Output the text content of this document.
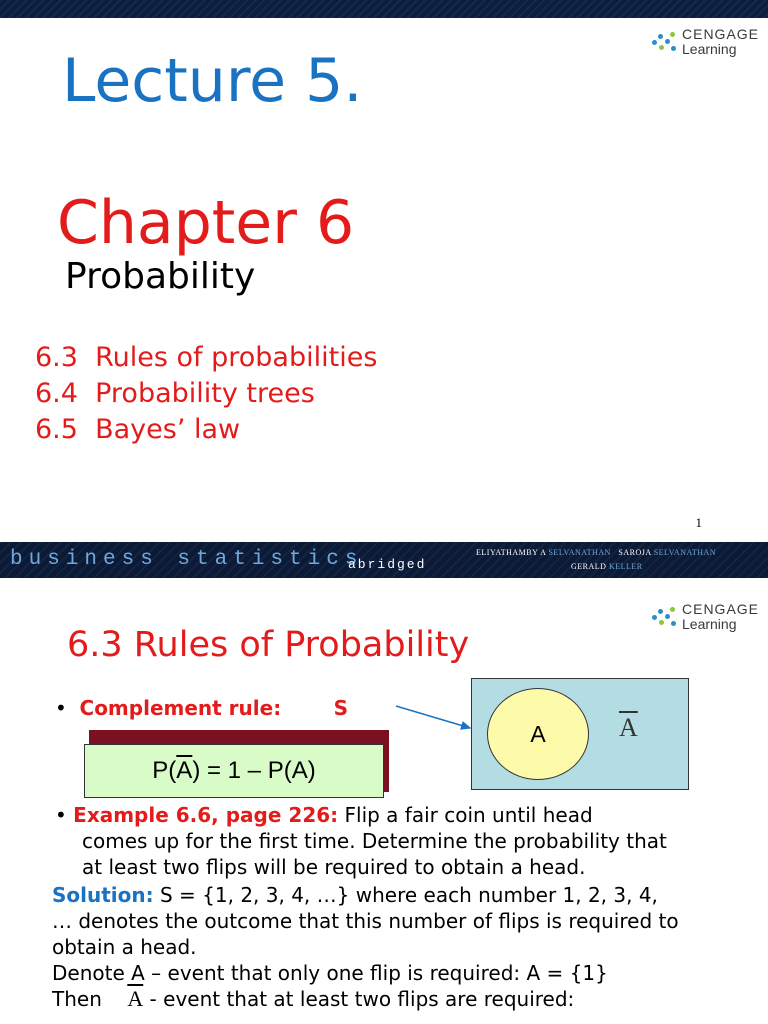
CENGAGE
Learning
Lecture 5.
Chapter 6
Probability
6.3  Rules of probabilities
6.4  Probability trees
6.5  Bayes’ law
1
business statistics
abridged
ELIYATHAMBY A SELVANATHAN SAROJA SELVANATHAN
GERALD KELLER
CENGAGE
Learning
6.3 Rules of Probability
• Complement rule:	S
P( $\overline{A}$ ) = 1 – P(A)
A	$\overline{A}$
• Example 6.6, page 226: Flip a fair coin until head
comes up for the first time. Determine the probability that
at least two flips will be required to obtain a head.
Solution: S = {1, 2, 3, 4, …} where each number 1, 2, 3, 4,
… denotes the outcome that this number of flips is required to
obtain a head.
Denote A – event that only one flip is required: A = {1}
Then $\overline{A}$ - event that at least two flips are required:
